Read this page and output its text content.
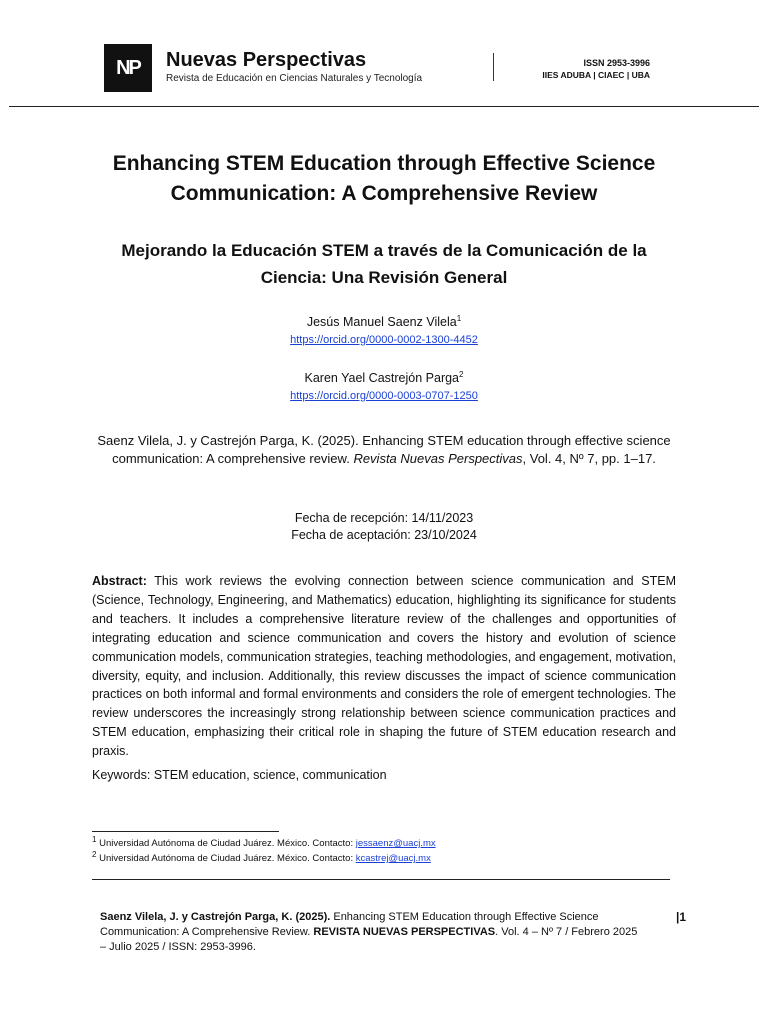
NP	Nuevas Perspectivas
Revista de Educación en Ciencias Naturales y Tecnología
ISSN 2953-3996
IIES ADUBA | CIAEC | UBA
Enhancing STEM Education through Effective Science Communication: A Comprehensive Review
Mejorando la Educación STEM a través de la Comunicación de la Ciencia: Una Revisión General
Jesús Manuel Saenz Vilela$^1$
https://orcid.org/0000-0002-1300-4452
Karen Yael Castrejón Parga$^2$
https://orcid.org/0000-0003-0707-1250
Saenz Vilela, J. y Castrejón Parga, K. (2025). Enhancing STEM education through effective science communication: A comprehensive review. Revista Nuevas Perspectivas, Vol. 4, Nº 7, pp. 1–17.
Fecha de recepción: 14/11/2023
Fecha de aceptación: 23/10/2024
Abstract: This work reviews the evolving connection between science communication and STEM (Science, Technology, Engineering, and Mathematics) education, highlighting its significance for students and teachers. It includes a comprehensive literature review of the challenges and opportunities of integrating education and science communication and covers the history and evolution of science communication models, communication strategies, teaching methodologies, and engagement, motivation, diversity, equity, and inclusion. Additionally, this review discusses the impact of science communication practices on both informal and formal environments and considers the role of emergent technologies. The review underscores the increasingly strong relationship between science communication practices and STEM education, emphasizing their critical role in shaping the future of STEM education research and praxis.
Keywords: STEM education, science, communication
$^1$ Universidad Autónoma de Ciudad Juárez. México. Contacto: jessaenz@uacj.mx
$^2$ Universidad Autónoma de Ciudad Juárez. México. Contacto: kcastrej@uacj.mx
Saenz Vilela, J. y Castrejón Parga, K. (2025). Enhancing STEM Education through Effective Science Communication: A Comprehensive Review. REVISTA NUEVAS PERSPECTIVAS. Vol. 4 – Nº 7 / Febrero 2025 – Julio 2025 / ISSN: 2953-3996.
|1
